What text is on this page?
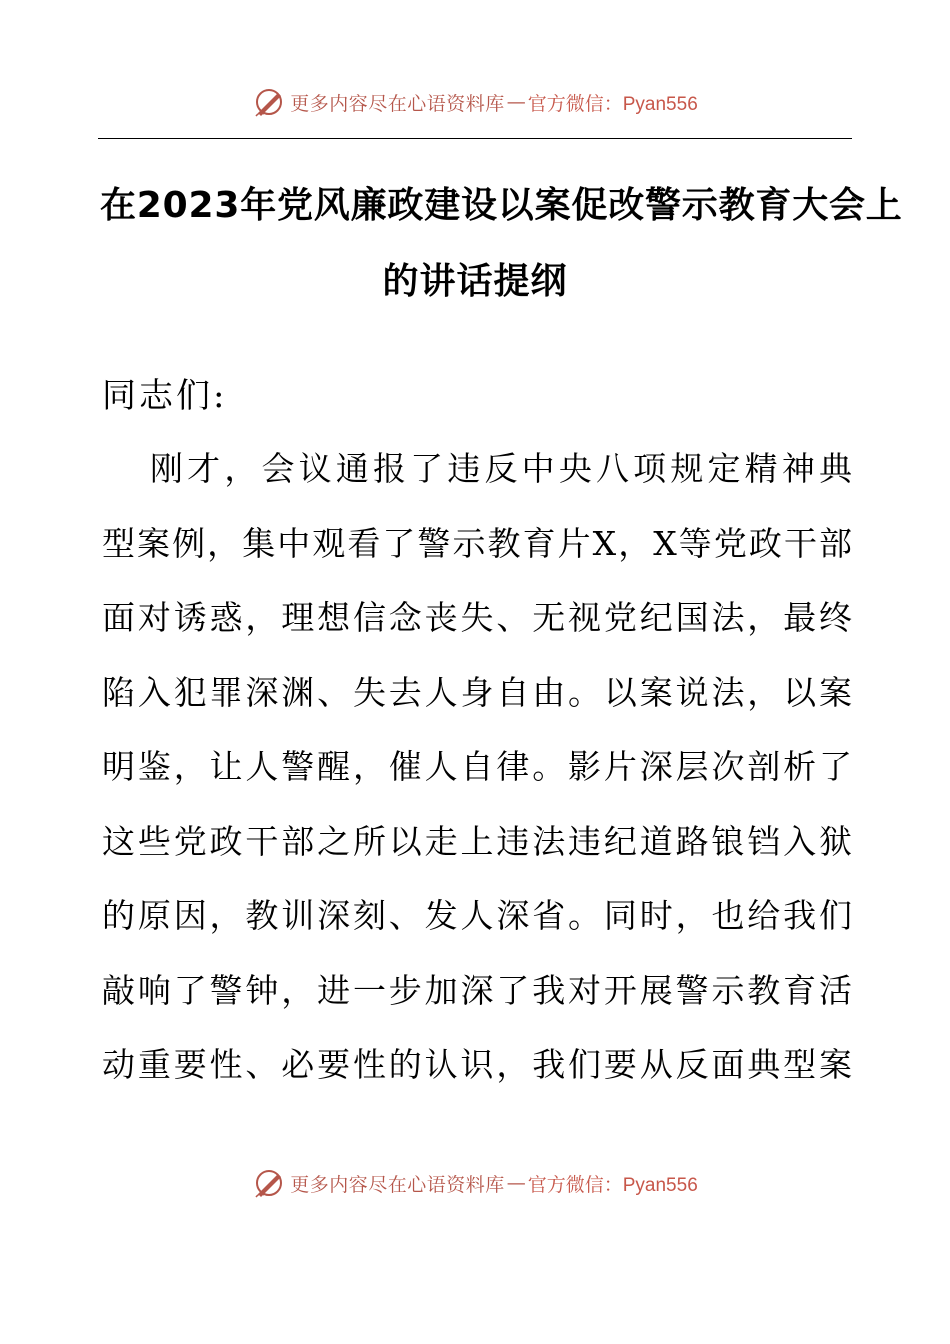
更多内容尽在心语资料库 — 官方微信：Pyan556
在2023年党风廉政建设以案促改警示教育大会上
的讲话提纲
同志们:
刚才，会议通报了违反中央八项规定精神典
型案例，集中观看了警示教育片X，X等党政干部
面对诱惑，理想信念丧失、无视党纪国法，最终
陷入犯罪深渊、失去人身自由。以案说法，以案
明鉴，让人警醒，催人自律。影片深层次剖析了
这些党政干部之所以走上违法违纪道路锒铛入狱
的原因，教训深刻、发人深省。同时，也给我们
敲响了警钟，进一步加深了我对开展警示教育活
动重要性、必要性的认识，我们要从反面典型案
更多内容尽在心语资料库 — 官方微信：Pyan556
